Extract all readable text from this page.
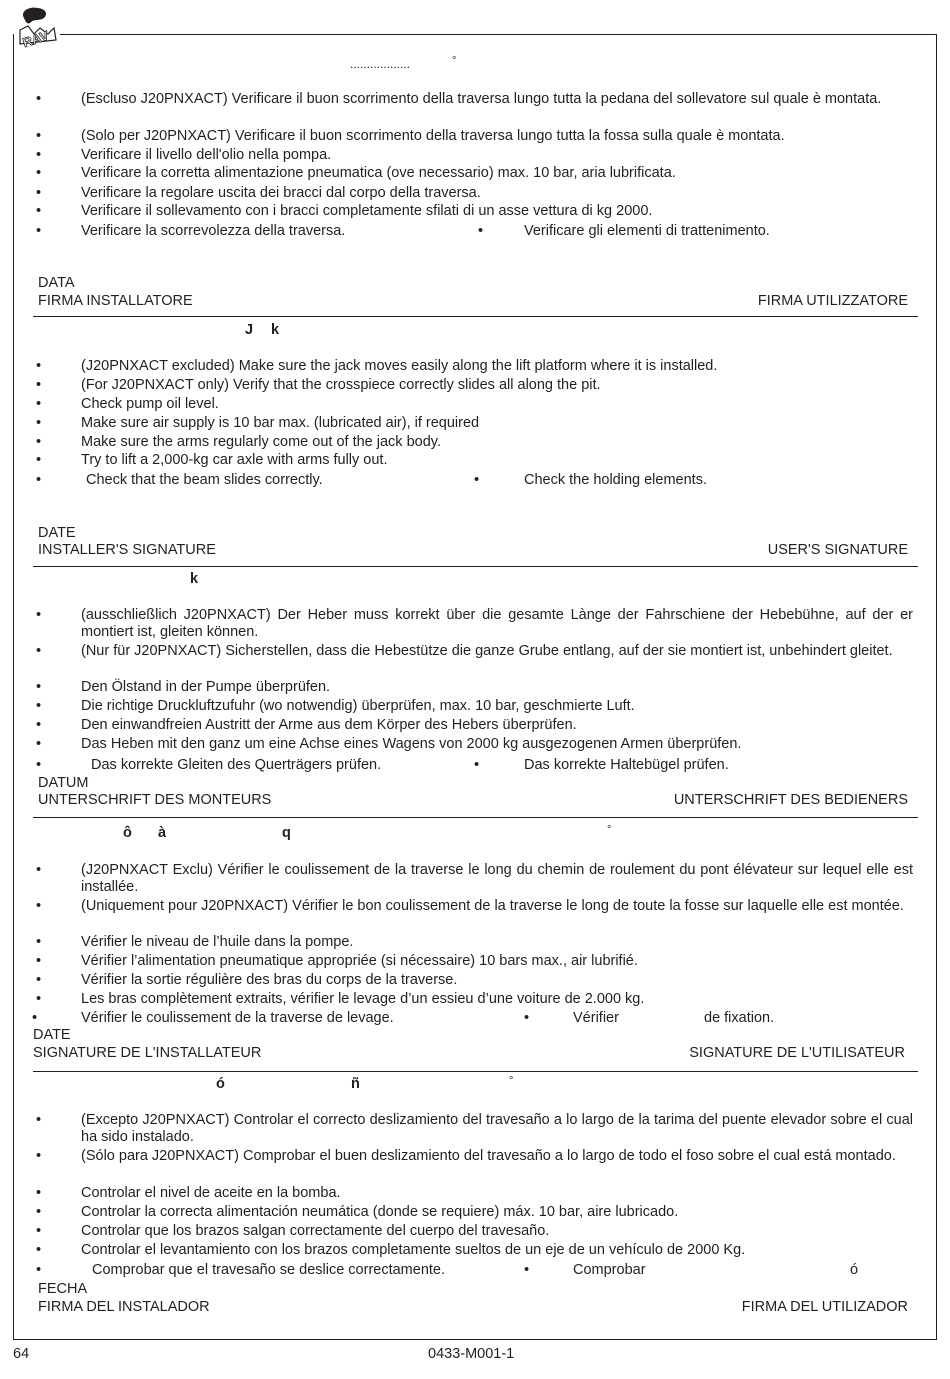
RAV
..................	°
•	(Escluso J20PNXACT) Verificare il buon scorrimento della traversa lungo tutta la pedana del sollevatore sul quale è montata.
•	(Solo per J20PNXACT) Verificare il buon scorrimento della traversa lungo tutta la fossa sulla quale è montata.
•	Verificare il livello dell'olio nella pompa.
•	Verificare la corretta alimentazione pneumatica (ove necessario) max. 10 bar, aria lubrificata.
•	Verificare la regolare uscita dei bracci dal corpo della traversa.
•	Verificare il sollevamento con i bracci completamente sfilati di un asse vettura di kg 2000.
•	Verificare la scorrevolezza della traversa.	•	Verificare gli elementi di trattenimento.
DATA
FIRMA INSTALLATORE	FIRMA UTILIZZATORE
J k
•	(J20PNXACT excluded) Make sure the jack moves easily along the lift platform where it is installed.
•	(For J20PNXACT only) Verify that the crosspiece correctly slides all along the pit.
•	Check pump oil level.
•	Make sure air supply is 10 bar max. (lubricated air), if required
•	Make sure the arms regularly come out of the jack body.
•	Try to lift a 2,000-kg car axle with arms fully out.
•	Check that the beam slides correctly.	•	Check the holding elements.
DATE
INSTALLER'S SIGNATURE	USER'S SIGNATURE
k
•	(ausschließlich J20PNXACT) Der Heber muss korrekt über die gesamte Lànge der Fahrschiene der Hebebühne, auf der er montiert ist, gleiten können.
•	(Nur für J20PNXACT) Sicherstellen, dass die Hebestütze die ganze Grube entlang, auf der sie montiert ist, unbehindert gleitet.
•	Den Ölstand in der Pumpe überprüfen.
•	Die richtige Druckluftzufuhr (wo notwendig) überprüfen, max. 10 bar, geschmierte Luft.
•	Den einwandfreien Austritt der Arme aus dem Körper des Hebers überprüfen.
•	Das Heben mit den ganz um eine Achse eines Wagens von 2000 kg ausgezogenen Armen überprüfen.
•	Das korrekte Gleiten des Querträgers prüfen.	•	Das korrekte Haltebügel prüfen.
DATUM
UNTERSCHRIFT DES MONTEURS	UNTERSCHRIFT DES BEDIENERS
ô à	q	°
•	(J20PNXACT Exclu) Vérifier le coulissement de la traverse le long du chemin de roulement du pont élévateur sur lequel elle est installée.
•	(Uniquement pour J20PNXACT) Vérifier le bon coulissement de la traverse le long de toute la fosse sur laquelle elle est montée.
•	Vérifier le niveau de l’huile dans la pompe.
•	Vérifier l’alimentation pneumatique appropriée (si nécessaire) 10 bars max., air lubrifié.
•	Vérifier la sortie régulière des bras du corps de la traverse.
•	Les bras complètement extraits, vérifier le levage d’un essieu d’une voiture de 2.000 kg.
•	Vérifier le coulissement de la traverse de levage.	•	Vérifier	de fixation.
DATE
SIGNATURE DE L'INSTALLATEUR	SIGNATURE DE L'UTILISATEUR
ó	ñ	°
•	(Excepto J20PNXACT) Controlar el correcto deslizamiento del travesaño a lo largo de la tarima del puente elevador sobre el cual ha sido instalado.
•	(Sólo para J20PNXACT) Comprobar el buen deslizamiento del travesaño a lo largo de todo el foso sobre el cual está montado.
•	Controlar el nivel de aceite en la bomba.
•	Controlar la correcta alimentación neumática (donde se requiere) máx. 10 bar, aire lubricado.
•	Controlar que los brazos salgan correctamente del cuerpo del travesaño.
•	Controlar el levantamiento con los brazos completamente sueltos de un eje de un vehículo de 2000 Kg.
•	Comprobar que el travesaño se deslice correctamente.	•	Comprobar	ó
FECHA
FIRMA DEL INSTALADOR	FIRMA DEL UTILIZADOR
64	0433-M001-1
